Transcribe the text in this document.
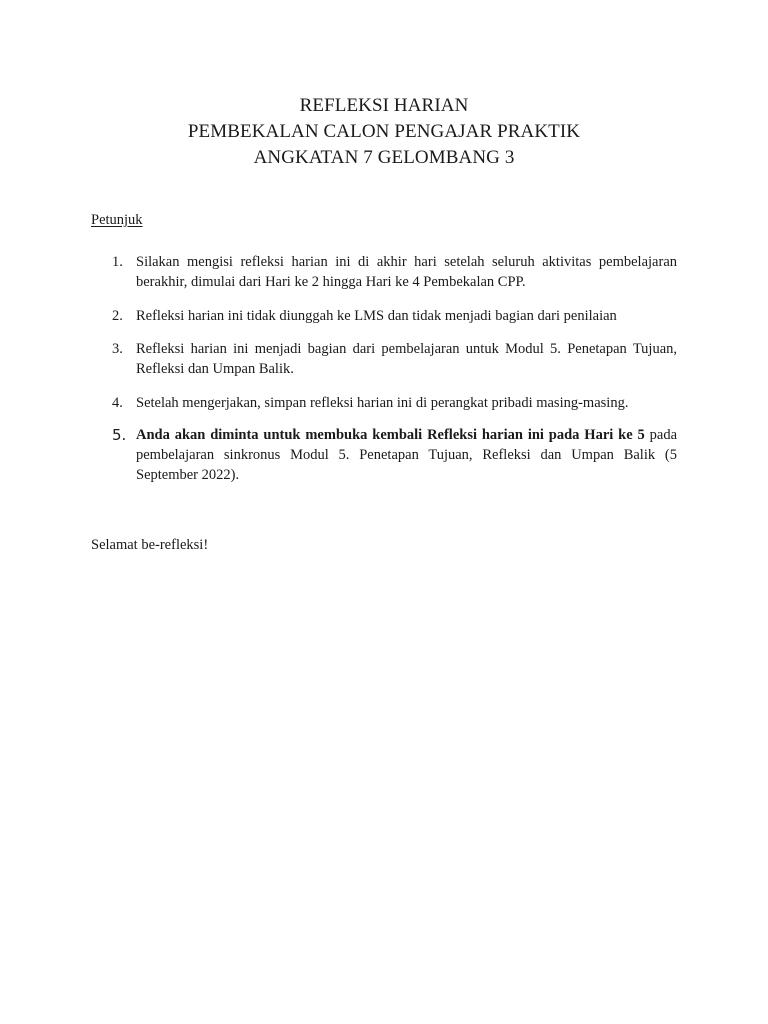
REFLEKSI HARIAN
PEMBEKALAN CALON PENGAJAR PRAKTIK
ANGKATAN 7 GELOMBANG 3
Petunjuk
1. Silakan mengisi refleksi harian ini di akhir hari setelah seluruh aktivitas pembelajaran berakhir, dimulai dari Hari ke 2 hingga Hari ke 4 Pembekalan CPP.
2. Refleksi harian ini tidak diunggah ke LMS dan tidak menjadi bagian dari penilaian
3. Refleksi harian ini menjadi bagian dari pembelajaran untuk Modul 5. Penetapan Tujuan, Refleksi dan Umpan Balik.
4. Setelah mengerjakan, simpan refleksi harian ini di perangkat pribadi masing-masing.
5. Anda akan diminta untuk membuka kembali Refleksi harian ini pada Hari ke 5 pada pembelajaran sinkronus Modul 5. Penetapan Tujuan, Refleksi dan Umpan Balik (5 September 2022).
Selamat be-refleksi!
